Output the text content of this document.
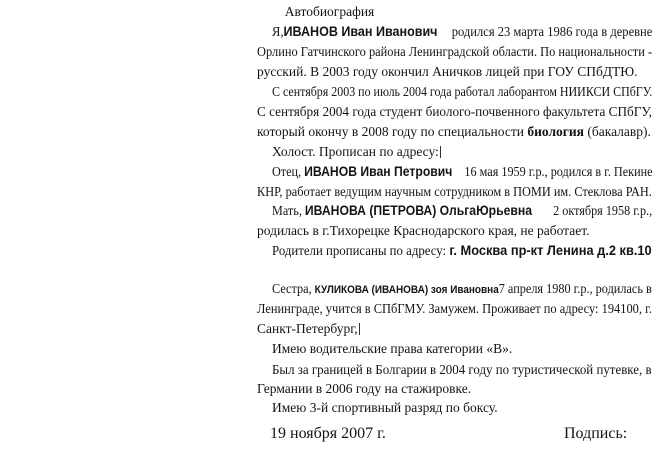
Автобиография
Я,ИВАНОВ Иван Иванович родился 23 марта 1986 года в деревне
Орлино Гатчинского района Ленинградской области. По национальности -
русский. В 2003 году окончил Аничков лицей при ГОУ СПбДТЮ.
С сентября 2003 по июль 2004 года работал лаборантом НИИКСИ СПбГУ.
С сентября 2004 года студент биолого-почвенного факультета СПбГУ,
который окончу в 2008 году по специальности биология (бакалавр).
Холост. Прописан по адресу:
Отец, ИВАНОВ Иван Петрович 16 мая 1959 г.р., родился в г. Пекине
КНР, работает ведущим научным сотрудником в ПОМИ им. Стеклова РАН.
Мать, ИВАНОВА (ПЕТРОВА) ОльгаЮрьевна 2 октября 1958 г.р.,
родилась в г.Тихорецке Краснодарского края, не работает.
Родители прописаны по адресу: г. Москва пр-кт Ленина д.2 кв.10
Сестра, КУЛИКОВА (ИВАНОВА) зоя Ивановна7 апреля 1980 г.р., родилась в
Ленинграде, учится в СПбГМУ. Замужем. Проживает по адресу: 194100, г.
Санкт-Петербург,
Имею водительские права категории «В».
Был за границей в Болгарии в 2004 году по туристической путевке, в
Германии в 2006 году на стажировке.
Имею 3-й спортивный разряд по боксу.
19 ноября 2007 г.	Подпись:
